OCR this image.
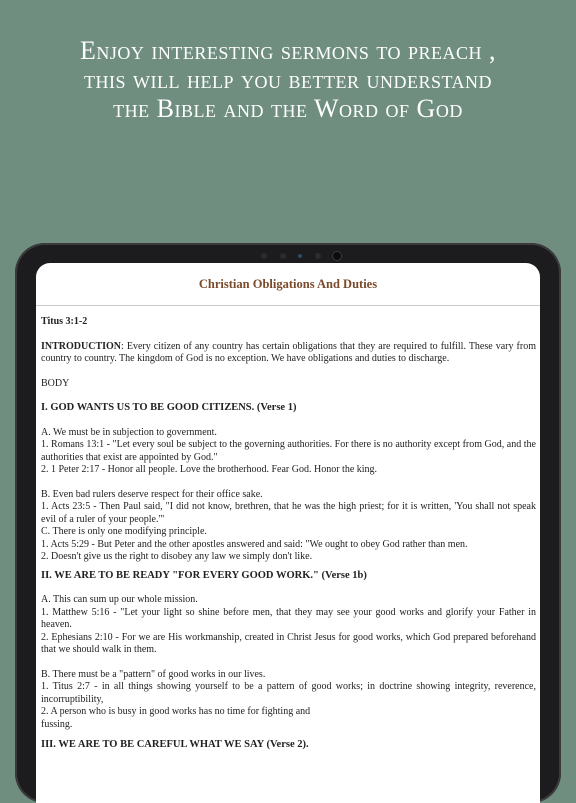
Enjoy interesting sermons to preach ,
this will help you better understand
the Bible and the Word of God
Christian Obligations And Duties

Titus 3:1-2

INTRODUCTION: Every citizen of any country has certain obligations that they are required to fulfill. These vary from country to country. The kingdom of God is no exception. We have obligations and duties to discharge.

BODY

I. GOD WANTS US TO BE GOOD CITIZENS. (Verse 1)

A. We must be in subjection to government.
1. Romans 13:1 - "Let every soul be subject to the governing authorities. For there is no authority except from God, and the authorities that exist are appointed by God."
2. 1 Peter 2:17 - Honor all people. Love the brotherhood. Fear God. Honor the king.

B. Even bad rulers deserve respect for their office sake.
1. Acts 23:5 - Then Paul said, "I did not know, brethren, that he was the high priest; for it is written, 'You shall not speak evil of a ruler of your people.'"
C. There is only one modifying principle.
1. Acts 5:29 - But Peter and the other apostles answered and said: "We ought to obey God rather than men.
2. Doesn't give us the right to disobey any law we simply don't like.

II. WE ARE TO BE READY "FOR EVERY GOOD WORK." (Verse 1b)

A. This can sum up our whole mission.
1. Matthew 5:16 - "Let your light so shine before men, that they may see your good works and glorify your Father in heaven.
2. Ephesians 2:10 - For we are His workmanship, created in Christ Jesus for good works, which God prepared beforehand that we should walk in them.

B. There must be a "pattern" of good works in our lives.
1. Titus 2:7 - in all things showing yourself to be a pattern of good works; in doctrine showing integrity, reverence, incorruptibility,
2. A person who is busy in good works has no time for fighting and
fussing.

III. WE ARE TO BE CAREFUL WHAT WE SAY (Verse 2).
